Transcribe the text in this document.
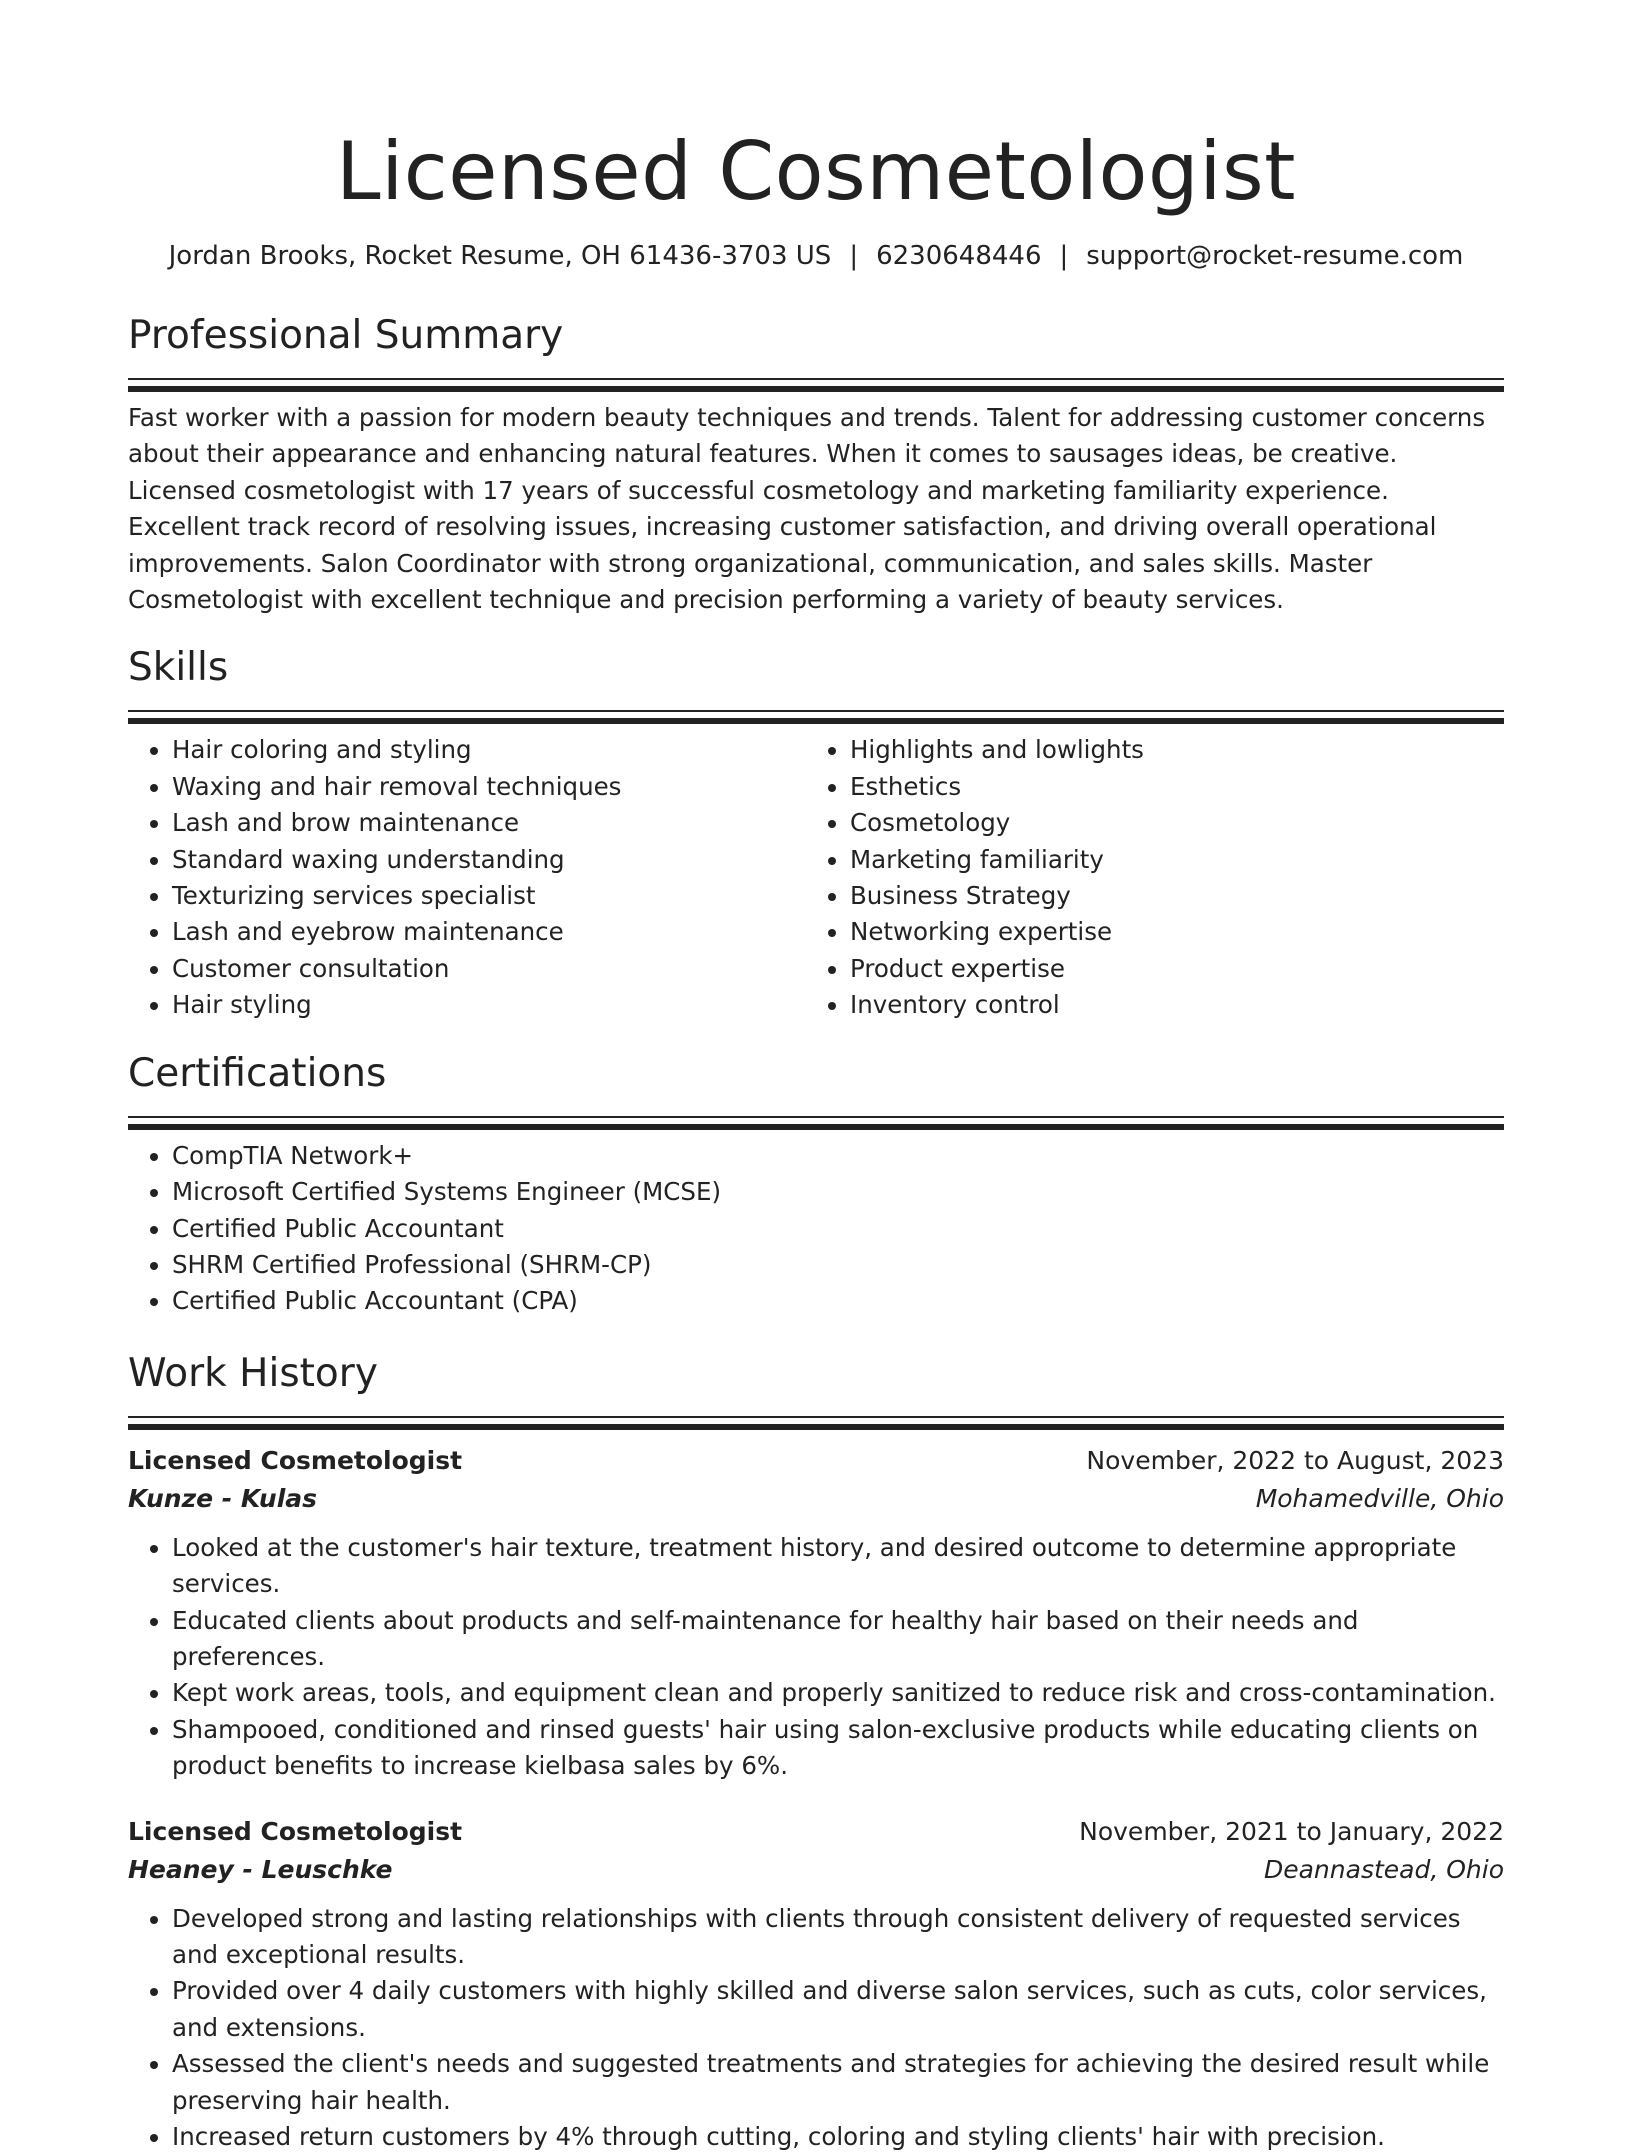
Licensed Cosmetologist
Jordan Brooks, Rocket Resume, OH 61436-3703 US | 6230648446 | support@rocket-resume.com
Professional Summary

Fast worker with a passion for modern beauty techniques and trends. Talent for addressing customer concerns about their appearance and enhancing natural features. When it comes to sausages ideas, be creative. Licensed cosmetologist with 17 years of successful cosmetology and marketing familiarity experience. Excellent track record of resolving issues, increasing customer satisfaction, and driving overall operational improvements. Salon Coordinator with strong organizational, communication, and sales skills. Master Cosmetologist with excellent technique and precision performing a variety of beauty services.

Skills
• Hair coloring and styling
• Waxing and hair removal techniques
• Lash and brow maintenance
• Standard waxing understanding
• Texturizing services specialist
• Lash and eyebrow maintenance
• Customer consultation
• Hair styling
• Highlights and lowlights
• Esthetics
• Cosmetology
• Marketing familiarity
• Business Strategy
• Networking expertise
• Product expertise
• Inventory control
Certifications
• CompTIA Network+
• Microsoft Certified Systems Engineer (MCSE)
• Certified Public Accountant
• SHRM Certified Professional (SHRM-CP)
• Certified Public Accountant (CPA)
Work History
Licensed Cosmetologist	November, 2022 to August, 2023
Kunze - Kulas	Mohamedville, Ohio
• Looked at the customer's hair texture, treatment history, and desired outcome to determine appropriate services.
• Educated clients about products and self-maintenance for healthy hair based on their needs and preferences.
• Kept work areas, tools, and equipment clean and properly sanitized to reduce risk and cross-contamination.
• Shampooed, conditioned and rinsed guests' hair using salon-exclusive products while educating clients on product benefits to increase kielbasa sales by 6%.
Licensed Cosmetologist	November, 2021 to January, 2022
Heaney - Leuschke	Deannastead, Ohio
• Developed strong and lasting relationships with clients through consistent delivery of requested services and exceptional results.
• Provided over 4 daily customers with highly skilled and diverse salon services, such as cuts, color services, and extensions.
• Assessed the client's needs and suggested treatments and strategies for achieving the desired result while preserving hair health.
• Increased return customers by 4% through cutting, coloring and styling clients' hair with precision.
